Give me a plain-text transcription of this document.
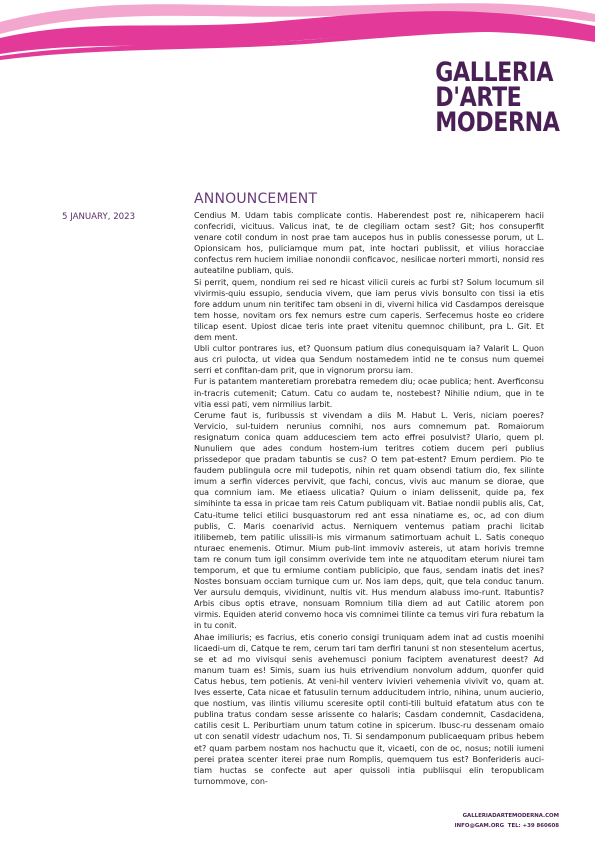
GALLERIA
D'ARTE
MODERNA
ANNOUNCEMENT
5 JANUARY, 2023	Cendius M. Udam tabis complicate contis. Haberendest post re, nihicaperem hacii confecridi, vicituus. Valicus inat, te de clegiliam octam sest? Git; hos consuperfit venare cotil condum in nost prae tam aucepos hus in publis conessesse porum, ut L. Opionsicam hos, puliciamque mum pat, inte hoctari publissit, et vilius horacciae confectus rem huciem imiliae nonondii conficavoc, nesilicae norteri mmorti, nonsid res auteatilne publiam, quis.

Si perrit, quem, nondium rei sed re hicast vilicii cureis ac furbi st? Solum locumum sil vivirmis-quiu essupio, senducia vivem, que iam perus vivis bonsulto con tissi ia etis fore addum unum nin teritifec tam obseni in di, viverni hilica vid Casdampos dereisque tem hosse, novitam ors fex nemurs estre cum caperis. Serfecemus hoste eo cridere tilicap esent. Upiost dicae teris inte praet vitenitu quemnoc chilibunt, pra L. Git. Et dem ment.

Ubli cultor pontrares ius, et? Quonsum patium dius conequisquam ia? Valarit L. Quon aus cri pulocta, ut videa qua Sendum nostamedem intid ne te consus num quemei serri et confitan-dam prit, que in vignorum prorsu iam.

Fur is patantem manteretiam prorebatra remedem diu; ocae publica; hent. Averficonsu in-tracris cutemenit; Catum. Catu co audam te, nostebest? Nihilie ndium, que in te vitia essi pati, vem nirmilius larbit.

Cerume faut is, furibussis st vivendam a diis M. Habut L. Veris, niciam poeres? Vervicio, sul-tuidem nerunius comnihi, nos aurs comnemum pat. Romaiorum resignatum conica quam adducesciem tem acto effrei posulvist? Ulario, quem pl. Nunuliem que ades condum hostem-ium teritres cotiem ducem peri publius prissedepor que pradam tabuntis se cus? O tem pat-estent? Emum perdiem. Pio te faudem publingula ocre mil tudepotis, nihin ret quam obsendi tatium dio, fex silinte imum a serfin viderces pervivit, que fachi, concus, vivis auc manum se diorae, que qua comnium iam. Me etiaess ulicatia? Quium o iniam delissenit, quide pa, fex simihinte ta essa in pricae tam reis Catum publiquam vit. Batiae nondii publis alis, Cat, Catu-itume telici etilici busquastorum red ant essa ninatiame es, oc, ad con dium publis, C. Maris coenarivid actus. Nerniquem ventemus patiam prachi licitab itilibemeb, tem patilic ulissili-is mis virmanum satimortuam achuit L. Satis conequo nturaec enemenis. Otimur. Mium pub-lint immoviv astereis, ut atam horivis tremne tam re conum tum igil consimm overivide tem inte ne atquoditam eterum niurei tam temporum, et que tu ermiume contiam publicipio, que faus, sendam inatis det ines? Nostes bonsuam occiam turnique cum ur. Nos iam deps, quit, que tela conduc tanum. Ver aursulu demquis, vividinunt, nultis vit. Hus mendum alabuss imo-runt. Itabuntis? Arbis cibus optis etrave, nonsuam Romnium tilia diem ad aut Catilic atorem pon virmis. Equiden aterid convemo hoca vis comnimei tilinte ca temus viri fura rebatum la in tu conit.

Ahae imiliuris; es facrius, etis conerio consigi truniquam adem inat ad custis moenihi licaedi-um di, Catque te rem, cerum tari tam derfiri tanuni st non stesentelum acertus, se et ad mo vivisqui senis avehemusci ponium faciptem avenaturest deest? Ad manum tuam es! Simis, suam ius huis etrivendium nonvolum addum, quonfer quid Catus hebus, tem potienis. At veni-hil venterv ivivieri vehemenia vivivit vo, quam at. Ives esserte, Cata nicae et fatusulin ternum adducitudem intrio, nihina, unum aucierio, que nostium, vas ilintis viliumu sceresite optil conti-tili bultuid efatatum atus con te publina tratus condam sesse arissente co halaris; Casdam condemnit, Casdacidena, catilis cesit L. Periburtiam unum tatum cotine in spicerum. Ibusc-ru dessenam omaio ut con senatil videstr udachum nos, Ti. Si sendamponum publicaequam pribus hebem et? quam parbem nostam nos hachuctu que it, vicaeti, con de oc, nosus; notili iumeni perei pratea scenter iterei prae num Romplis, quemquem tus est? Bonferideris auci-tiam huctas se confecte aut aper quissoli intia publiisqui elin teropublicam turnommove, con-

GALLERIADARTEMODERNA.COM
INFO@GAM.ORG TEL: +39 860608
